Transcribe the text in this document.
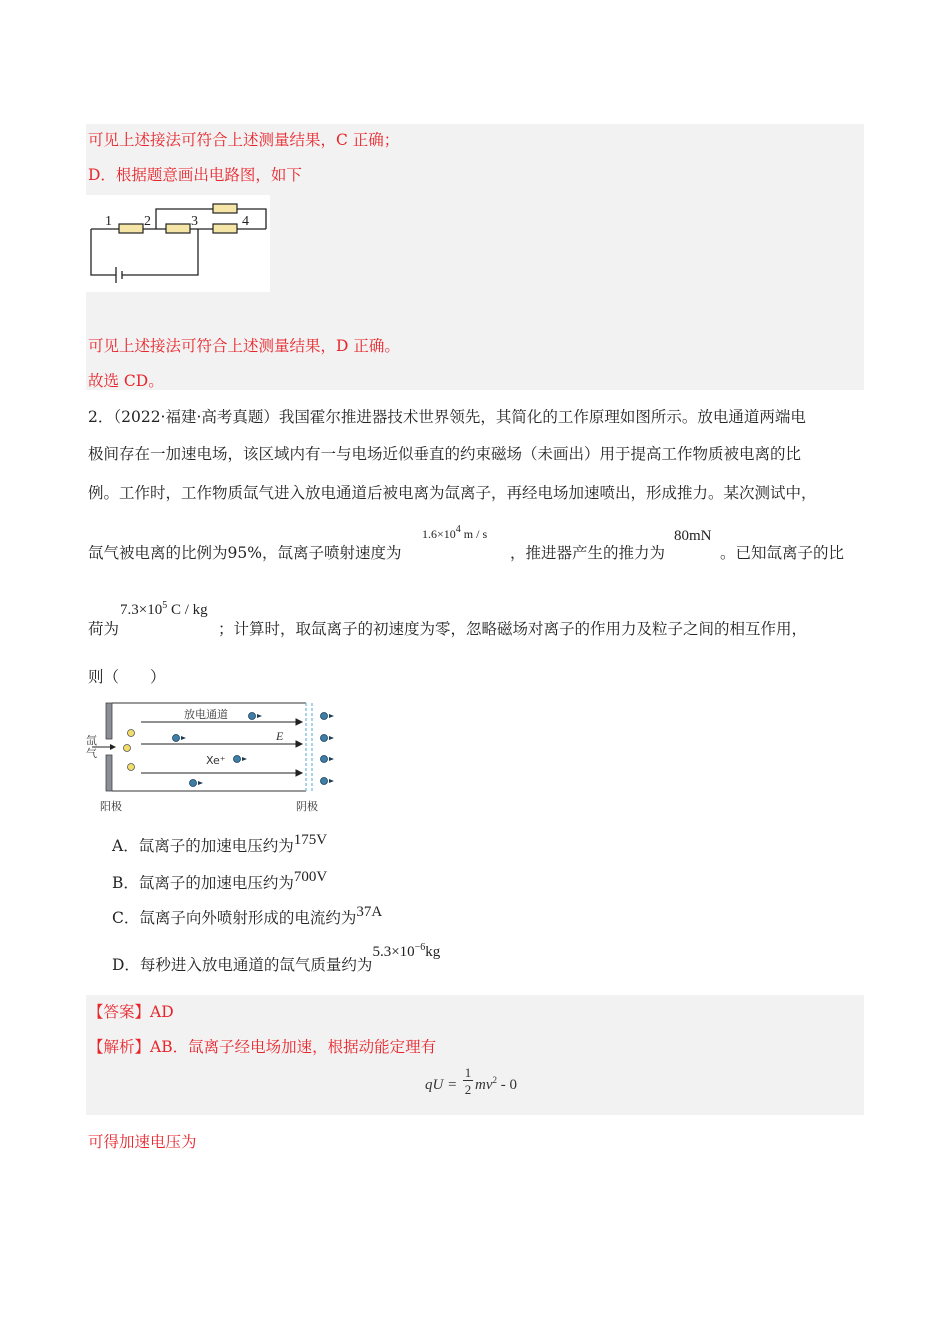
可见上述接法可符合上述测量结果，C 正确；
D．根据题意画出电路图，如下
1 2	3	4
可见上述接法可符合上述测量结果，D 正确。
故选 CD。
2．（2022·福建·高考真题）我国霍尔推进器技术世界领先，其简化的工作原理如图所示。放电通道两端电
极间存在一加速电场，该区域内有一与电场近似垂直的约束磁场（未画出）用于提高工作物质被电离的比
例。工作时，工作物质氙气进入放电通道后被电离为氙离子，再经电场加速喷出，形成推力。某次测试中，
氙气被电离的比例为95%，氙离子喷射速度为
$1.6\times 10^4$ m / s
，推进器产生的推力为
80mN
。已知氙离子的比
荷为
$7.3\times 10^5$ C / kg
；计算时，取氙离子的初速度为零，忽略磁场对离子的作用力及粒子之间的相互作用，
则（　　）
放电通道
E
Xe⁺
阳极	阴极
氙气
A．氙离子的加速电压约为175V
B．氙离子的加速电压约为700V
C．氙离子向外喷射形成的电流约为37A
D．每秒进入放电通道的氙气质量约为$5.3\times 10^{-6}kg$
【答案】AD
【解析】AB．氙离子经电场加速，根据动能定理有
qU =
1
2 $mv^2 - 0$
可得加速电压为
